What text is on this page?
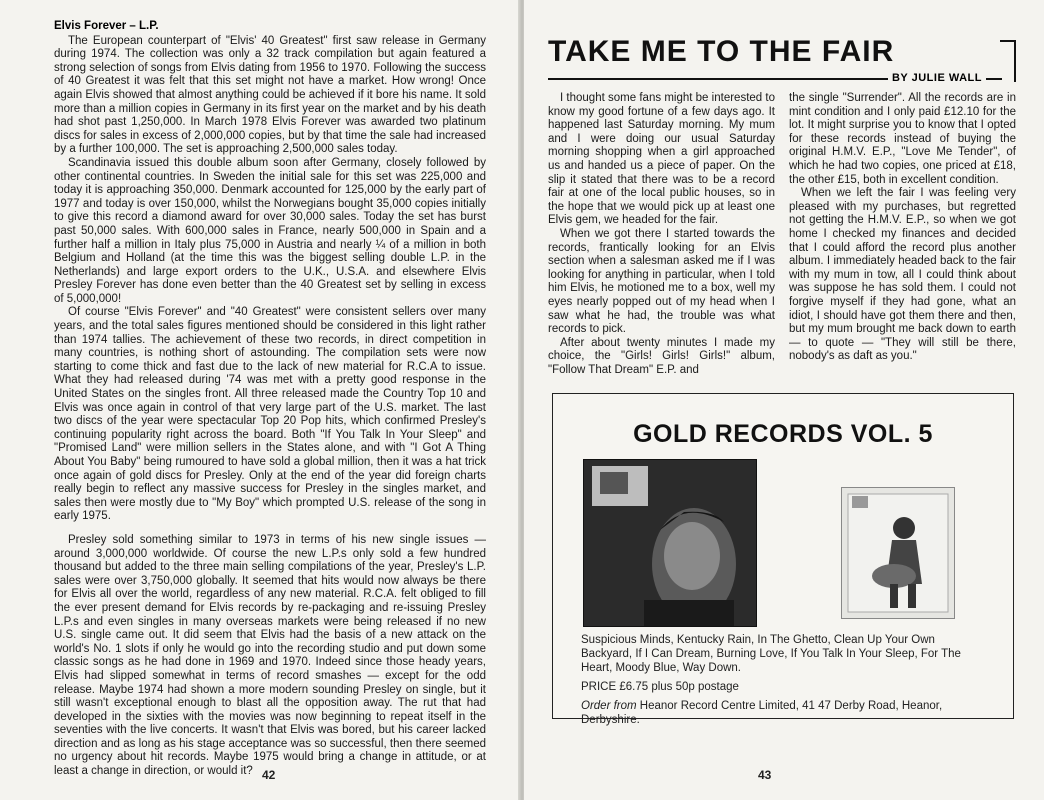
Elvis Forever – L.P.

The European counterpart of "Elvis' 40 Greatest" first saw release in Germany during 1974. The collection was only a 32 track compilation but again featured a strong selection of songs from Elvis dating from 1956 to 1970. Following the success of 40 Greatest it was felt that this set might not have a market. How wrong! Once again Elvis showed that almost anything could be achieved if it bore his name. It sold more than a million copies in Germany in its first year on the market and by his death had shot past 1,250,000. In March 1978 Elvis Forever was awarded two platinum discs for sales in excess of 2,000,000 copies, but by that time the sale had increased by a further 100,000. The set is approaching 2,500,000 sales today.

Scandinavia issued this double album soon after Germany, closely followed by other continental countries. In Sweden the initial sale for this set was 225,000 and today it is approaching 350,000. Denmark accounted for 125,000 by the early part of 1977 and today is over 150,000, whilst the Norwegians bought 35,000 copies initially to give this record a diamond award for over 30,000 sales. Today the set has burst past 50,000 sales. With 600,000 sales in France, nearly 500,000 in Spain and a further half a million in Italy plus 75,000 in Austria and nearly ¼ of a million in both Belgium and Holland (at the time this was the biggest selling double L.P. in the Netherlands) and large export orders to the U.K., U.S.A. and elsewhere Elvis Presley Forever has done even better than the 40 Greatest set by selling in excess of 5,000,000!

Of course "Elvis Forever" and "40 Greatest" were consistent sellers over many years, and the total sales figures mentioned should be considered in this light rather than 1974 tallies. The achievement of these two records, in direct competition in many countries, is nothing short of astounding. The compilation sets were now starting to come thick and fast due to the lack of new material for R.C.A to issue. What they had released during '74 was met with a pretty good response in the United States on the singles front. All three released made the Country Top 10 and Elvis was once again in control of that very large part of the U.S. market. The last two discs of the year were spectacular Top 20 Pop hits, which confirmed Presley's continuing popularity right across the board. Both "If You Talk In Your Sleep" and "Promised Land" were million sellers in the States alone, and with "I Got A Thing About You Baby" being rumoured to have sold a global million, then it was a hat trick once again of gold discs for Presley. Only at the end of the year did foreign charts really begin to reflect any massive success for Presley in the singles market, and sales then were mostly due to "My Boy" which prompted U.S. release of the song in early 1975.

Presley sold something similar to 1973 in terms of his new single issues — around 3,000,000 worldwide. Of course the new L.P.s only sold a few hundred thousand but added to the three main selling compilations of the year, Presley's L.P. sales were over 3,750,000 globally. It seemed that hits would now always be there for Elvis all over the world, regardless of any new material. R.C.A. felt obliged to fill the ever present demand for Elvis records by re-packaging and re-issuing Presley L.P.s and even singles in many overseas markets were being released if no new U.S. single came out. It did seem that Elvis had the basis of a new attack on the world's No. 1 slots if only he would go into the recording studio and put down some classic songs as he had done in 1969 and 1970. Indeed since those heady years, Elvis had slipped somewhat in terms of record smashes — except for the odd release. Maybe 1974 had shown a more modern sounding Presley on single, but it still wasn't exceptional enough to blast all the opposition away. The rut that had developed in the sixties with the movies was now beginning to repeat itself in the seventies with the live concerts. It wasn't that Elvis was bored, but his career lacked direction and as long as his stage acceptance was so successful, then there seemed no urgency about hit records. Maybe 1975 would bring a change in attitude, or at least a change in direction, or would it? 42
TAKE ME TO THE FAIR
BY JULIE WALL

I thought some fans might be interested to know my good fortune of a few days ago. It happened last Saturday morning. My mum and I were doing our usual Saturday morning shopping when a girl approached us and handed us a piece of paper. On the slip it stated that there was to be a record fair at one of the local public houses, so in the hope that we would pick up at least one Elvis gem, we headed for the fair.

When we got there I started towards the records, frantically looking for an Elvis section when a salesman asked me if I was looking for anything in particular, when I told him Elvis, he motioned me to a box, well my eyes nearly popped out of my head when I saw what he had, the trouble was what records to pick.

After about twenty minutes I made my choice, the "Girls! Girls! Girls!" album, "Follow That Dream" E.P. and

the single "Surrender". All the records are in mint condition and I only paid £12.10 for the lot. It might surprise you to know that I opted for these records instead of buying the original H.M.V. E.P., "Love Me Tender", of which he had two copies, one priced at £18, the other £15, both in excellent condition.

When we left the fair I was feeling very pleased with my purchases, but regretted not getting the H.M.V. E.P., so when we got home I checked my finances and decided that I could afford the record plus another album. I immediately headed back to the fair with my mum in tow, all I could think about was suppose he has sold them. I could not forgive myself if they had gone, what an idiot, I should have got them there and then, but my mum brought me back down to earth — to quote — "They will still be there, nobody's as daft as you."

43
GOLD RECORDS VOL. 5
Suspicious Minds, Kentucky Rain, In The Ghetto, Clean Up Your Own Backyard, If I Can Dream, Burning Love, If You Talk In Your Sleep, For The Heart, Moody Blue, Way Down.
PRICE £6.75 plus 50p postage
Order from Heanor Record Centre Limited, 41 47 Derby Road, Heanor, Derbyshire.
